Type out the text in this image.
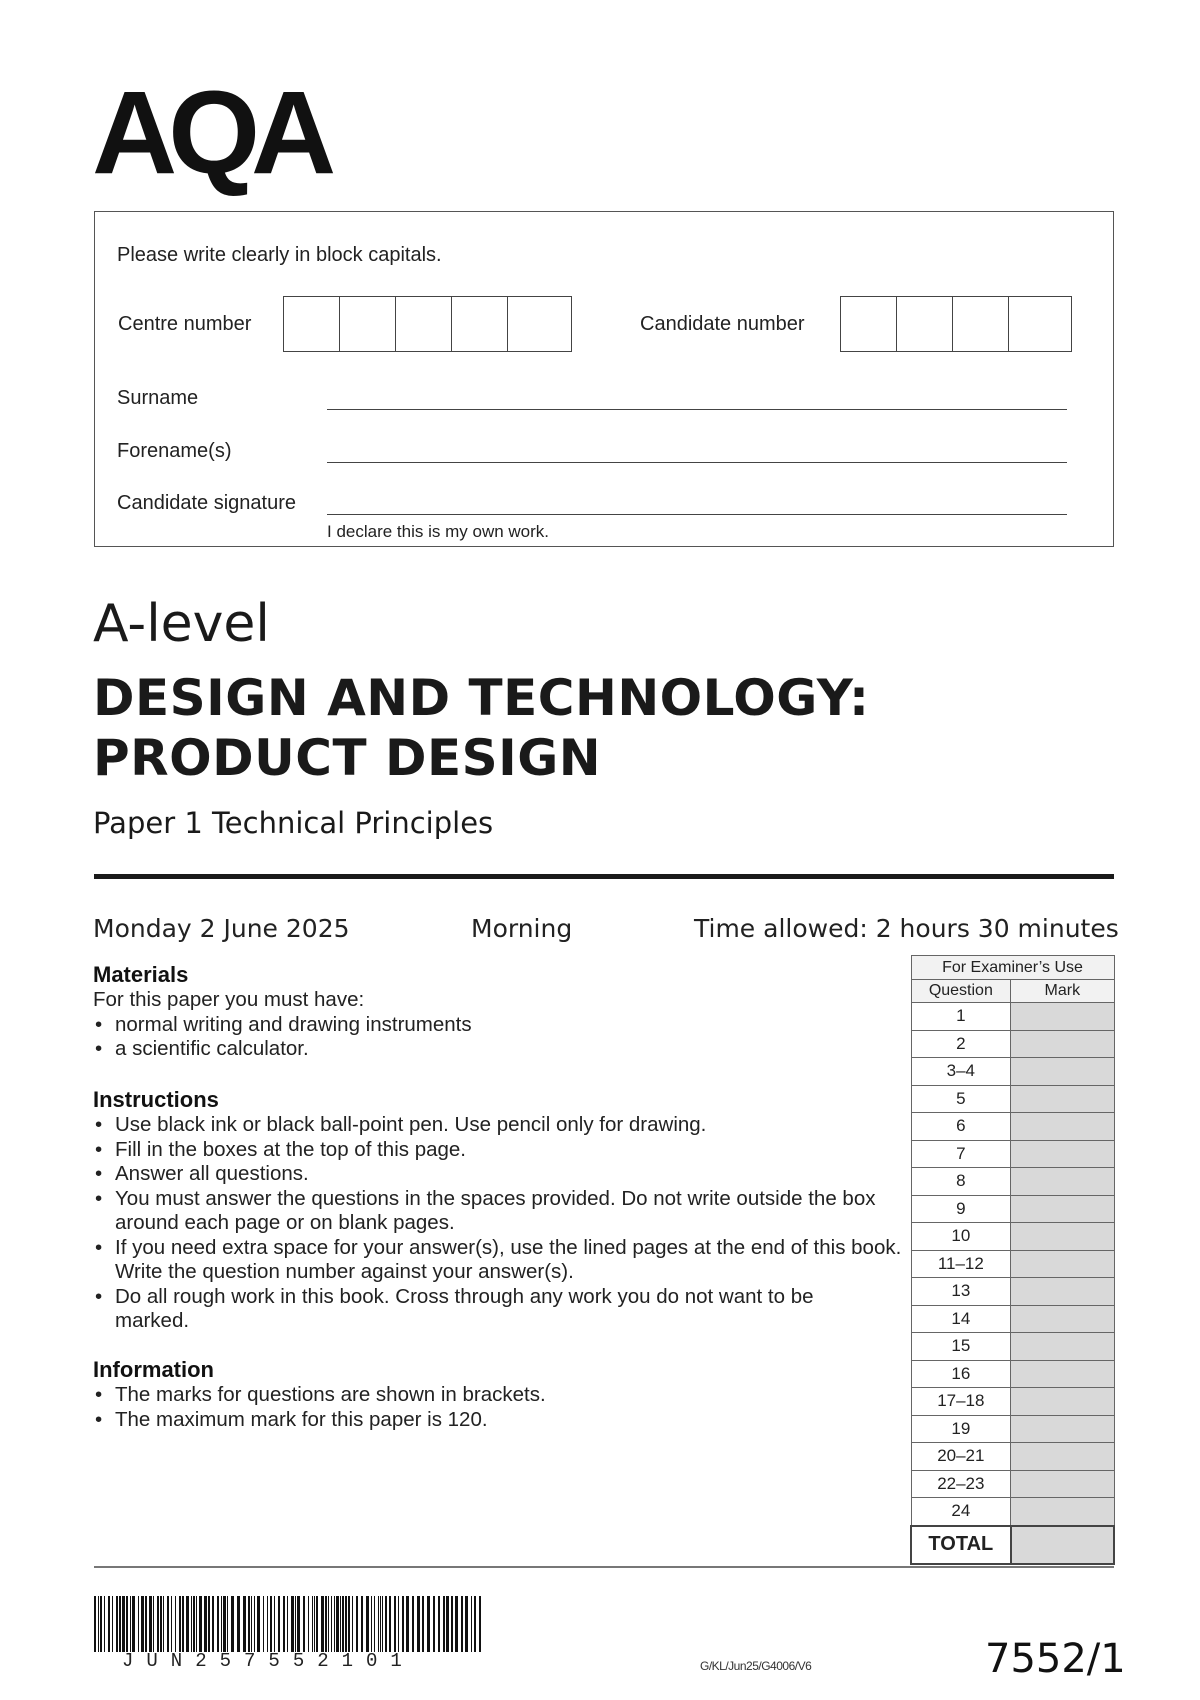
AQA
Please write clearly in block capitals.
Centre number	Candidate number
Surname
Forename(s)
Candidate signature
I declare this is my own work.
A-level
DESIGN AND TECHNOLOGY:
PRODUCT DESIGN
Paper 1 Technical Principles
Monday 2 June 2025	Morning	Time allowed: 2 hours 30 minutes
Materials
For this paper you must have:
• normal writing and drawing instruments
• a scientific calculator.
Instructions
• Use black ink or black ball-point pen. Use pencil only for drawing.
• Fill in the boxes at the top of this page.
• Answer all questions.
• You must answer the questions in the spaces provided. Do not write outside the box around each page or on blank pages.
• If you need extra space for your answer(s), use the lined pages at the end of this book. Write the question number against your answer(s).
• Do all rough work in this book. Cross through any work you do not want to be marked.
Information
• The marks for questions are shown in brackets.
• The maximum mark for this paper is 120.
For Examiner’s Use	
Question	Mark
1	
2	
3–4	
5	
6	
7	
8	
9	
10	
11–12	
13	
14	
15	
16	
17–18	
19	
20–21	
22–23	
24	
TOTAL	
JUN257552101	G/KL/Jun25/G4006/V6	7552/1
